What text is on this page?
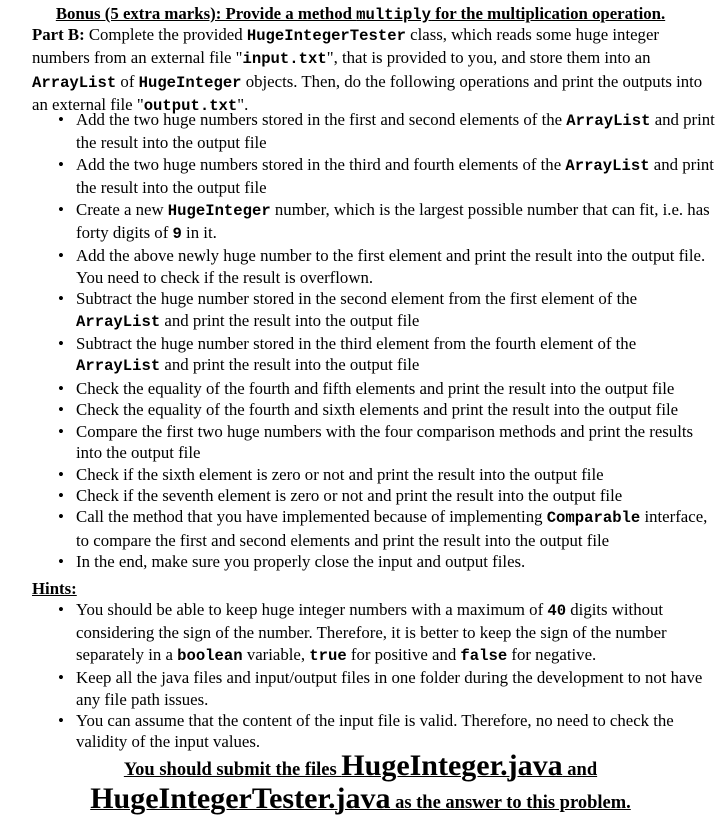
Bonus (5 extra marks): Provide a method multiply for the multiplication operation.
Part B: Complete the provided HugeIntegerTester class, which reads some huge integer numbers from an external file "input.txt", that is provided to you, and store them into an ArrayList of HugeInteger objects. Then, do the following operations and print the outputs into an external file "output.txt".
• Add the two huge numbers stored in the first and second elements of the ArrayList and print the result into the output file
• Add the two huge numbers stored in the third and fourth elements of the ArrayList and print the result into the output file
• Create a new HugeInteger number, which is the largest possible number that can fit, i.e. has forty digits of 9 in it.
• Add the above newly huge number to the first element and print the result into the output file. You need to check if the result is overflown.
• Subtract the huge number stored in the second element from the first element of the ArrayList and print the result into the output file
• Subtract the huge number stored in the third element from the fourth element of the ArrayList and print the result into the output file
• Check the equality of the fourth and fifth elements and print the result into the output file
• Check the equality of the fourth and sixth elements and print the result into the output file
• Compare the first two huge numbers with the four comparison methods and print the results into the output file
• Check if the sixth element is zero or not and print the result into the output file
• Check if the seventh element is zero or not and print the result into the output file
• Call the method that you have implemented because of implementing Comparable interface, to compare the first and second elements and print the result into the output file
• In the end, make sure you properly close the input and output files.
Hints:
• You should be able to keep huge integer numbers with a maximum of 40 digits without considering the sign of the number. Therefore, it is better to keep the sign of the number separately in a boolean variable, true for positive and false for negative.
• Keep all the java files and input/output files in one folder during the development to not have any file path issues.
• You can assume that the content of the input file is valid. Therefore, no need to check the validity of the input values.
You should submit the files HugeInteger.java and
HugeIntegerTester.java as the answer to this problem.
